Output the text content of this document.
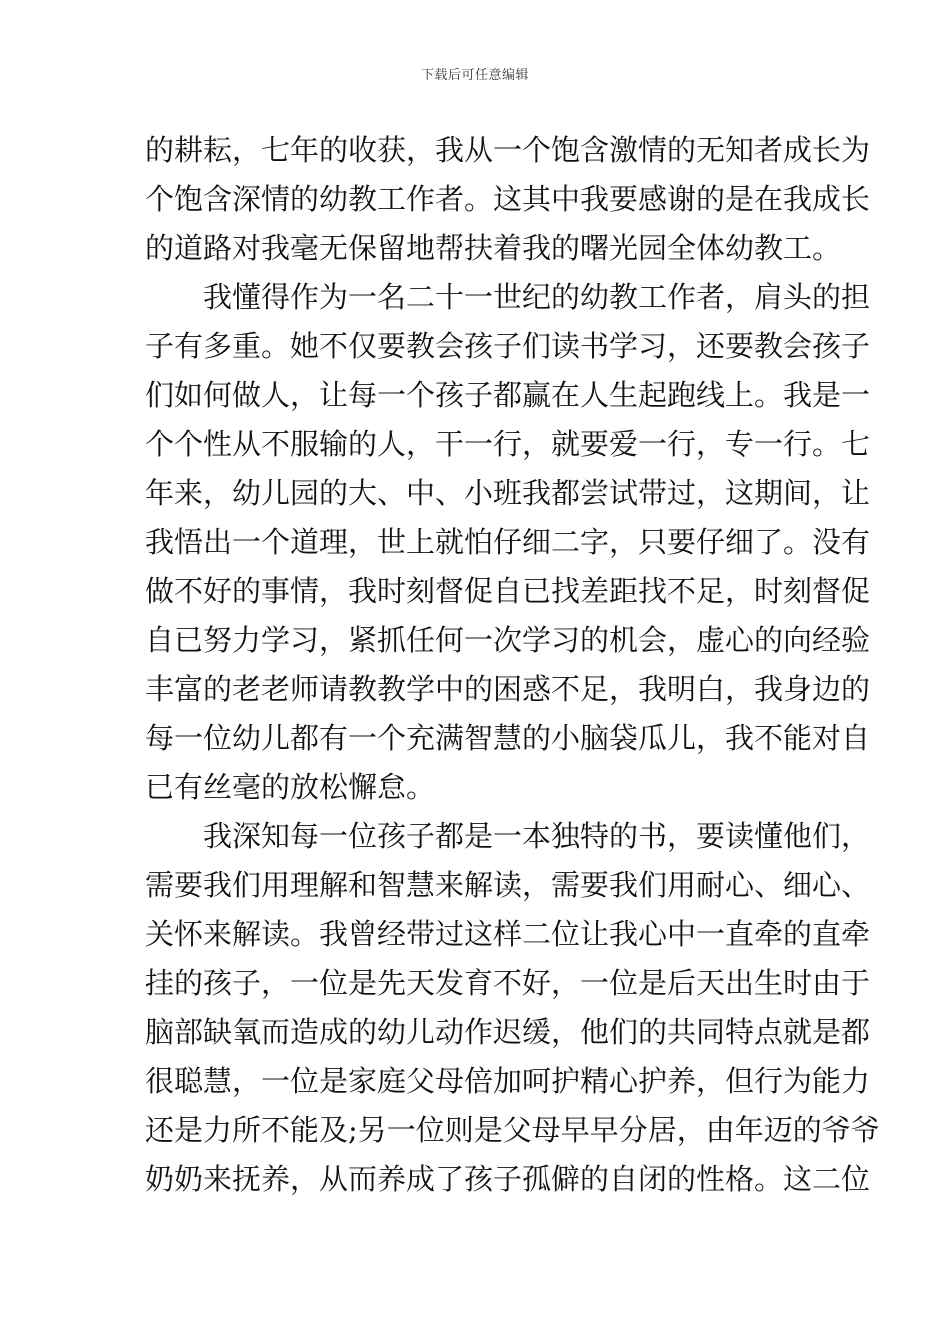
下载后可任意编辑
的耕耘，七年的收获，我从一个饱含激情的无知者成长为
个饱含深情的幼教工作者。这其中我要感谢的是在我成长
的道路对我毫无保留地帮扶着我的曙光园全体幼教工。
　　我懂得作为一名二十一世纪的幼教工作者，肩头的担
子有多重。她不仅要教会孩子们读书学习，还要教会孩子
们如何做人，让每一个孩子都赢在人生起跑线上。我是一
个个性从不服输的人，干一行，就要爱一行，专一行。七
年来，幼儿园的大、中、小班我都尝试带过，这期间，让
我悟出一个道理，世上就怕仔细二字，只要仔细了。没有
做不好的事情，我时刻督促自已找差距找不足，时刻督促
自已努力学习，紧抓任何一次学习的机会，虚心的向经验
丰富的老老师请教教学中的困惑不足，我明白，我身边的
每一位幼儿都有一个充满智慧的小脑袋瓜儿，我不能对自
已有丝毫的放松懈怠。
　　我深知每一位孩子都是一本独特的书，要读懂他们，
需要我们用理解和智慧来解读，需要我们用耐心、细心、
关怀来解读。我曾经带过这样二位让我心中一直牵的直牵
挂的孩子，一位是先天发育不好，一位是后天出生时由于
脑部缺氧而造成的幼儿动作迟缓，他们的共同特点就是都
很聪慧，一位是家庭父母倍加呵护精心护养，但行为能力
还是力所不能及;另一位则是父母早早分居，由年迈的爷爷
奶奶来抚养，从而养成了孩子孤僻的自闭的性格。这二位
